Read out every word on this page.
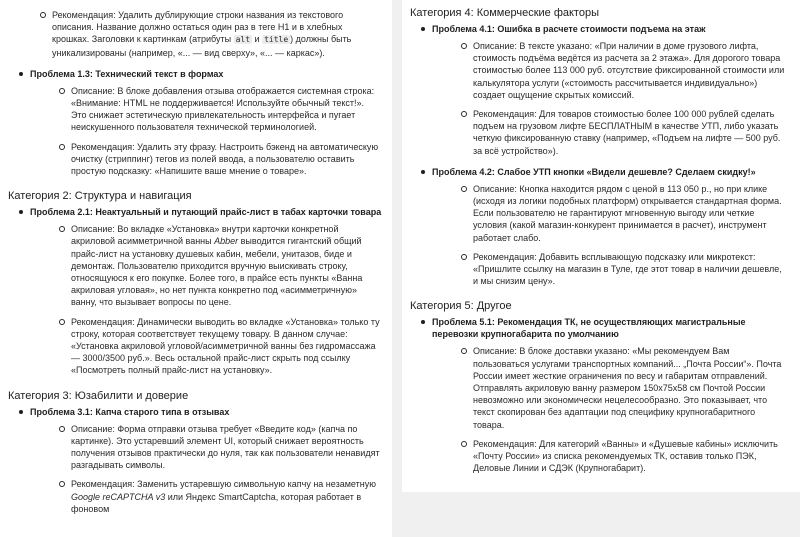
Рекомендация: Удалить дублирующие строки названия из текстового описания. Название должно остаться один раз в теге H1 и в хлебных крошках. Заголовки к картинкам (атрибуты alt и title ) должны быть уникализированы (например, «... — вид сверху», «... — каркас»).
Проблема 1.3: Технический текст в формах
Описание: В блоке добавления отзыва отображается системная строка: «Внимание: HTML не поддерживается! Используйте обычный текст!». Это снижает эстетическую привлекательность интерфейса и пугает неискушенного пользователя технической терминологией.
Рекомендация: Удалить эту фразу. Настроить бэкенд на автоматическую очистку (стриппинг) тегов из полей ввода, а пользователю оставить простую подсказку: «Напишите ваше мнение о товаре».
Категория 2: Структура и навигация
Проблема 2.1: Неактуальный и путающий прайс-лист в табах карточки товара
Описание: Во вкладке «Установка» внутри карточки конкретной акриловой асимметричной ванны Abber выводится гигантский общий прайс-лист на установку душевых кабин, мебели, унитазов, биде и демонтаж. Пользователю приходится вручную выискивать строку, относящуюся к его покупке. Более того, в прайсе есть пункты «Ванна акриловая угловая», но нет пункта конкретно под «асимметричную» ванну, что вызывает вопросы по цене.
Рекомендация: Динамически выводить во вкладке «Установка» только ту строку, которая соответствует текущему товару. В данном случае: «Установка акриловой угловой/асимметричной ванны без гидромассажа — 3000/3500 руб.». Весь остальной прайс-лист скрыть под ссылку «Посмотреть полный прайс-лист на установку».
Категория 3: Юзабилити и доверие
Проблема 3.1: Капча старого типа в отзывах
Описание: Форма отправки отзыва требует «Введите код» (капча по картинке). Это устаревший элемент UI, который снижает вероятность получения отзывов практически до нуля, так как пользователи ненавидят разгадывать символы.
Рекомендация: Заменить устаревшую символьную капчу на незаметную Google reCAPTCHA v3 или Яндекс SmartCaptcha, которая работает в фоновом
Категория 4: Коммерческие факторы
Проблема 4.1: Ошибка в расчете стоимости подъема на этаж
Описание: В тексте указано: «При наличии в доме грузового лифта, стоимость подъёма ведётся из расчета за 2 этажа». Для дорогого товара стоимостью более 113 000 руб. отсутствие фиксированной стоимости или калькулятора услуги («стоимость рассчитывается индивидуально») создает ощущение скрытых комиссий.
Рекомендация: Для товаров стоимостью более 100 000 рублей сделать подъем на грузовом лифте БЕСПЛАТНЫМ в качестве УТП, либо указать четкую фиксированную ставку (например, «Подъем на лифте — 500 руб. за всё устройство»).
Проблема 4.2: Слабое УТП кнопки «Видели дешевле? Сделаем скидку!»
Описание: Кнопка находится рядом с ценой в 113 050 р., но при клике (исходя из логики подобных платформ) открывается стандартная форма. Если пользователю не гарантируют мгновенную выгоду или четкие условия (какой магазин-конкурент принимается в расчет), инструмент работает слабо.
Рекомендация: Добавить всплывающую подсказку или микротекст: «Пришлите ссылку на магазин в Туле, где этот товар в наличии дешевле, и мы снизим цену».
Категория 5: Другое
Проблема 5.1: Рекомендация ТК, не осуществляющих магистральные перевозки крупногабарита по умолчанию
Описание: В блоке доставки указано: «Мы рекомендуем Вам пользоваться услугами транспортных компаний... „Почта России“». Почта России имеет жесткие ограничения по весу и габаритам отправлений. Отправлять акриловую ванну размером 150x75x58 см Почтой России невозможно или экономически нецелесообразно. Это показывает, что текст скопирован без адаптации под специфику крупногабаритного товара.
Рекомендация: Для категорий «Ванны» и «Душевые кабины» исключить «Почту России» из списка рекомендуемых ТК, оставив только ПЭК, Деловые Линии и СДЭК (Крупногабарит).
